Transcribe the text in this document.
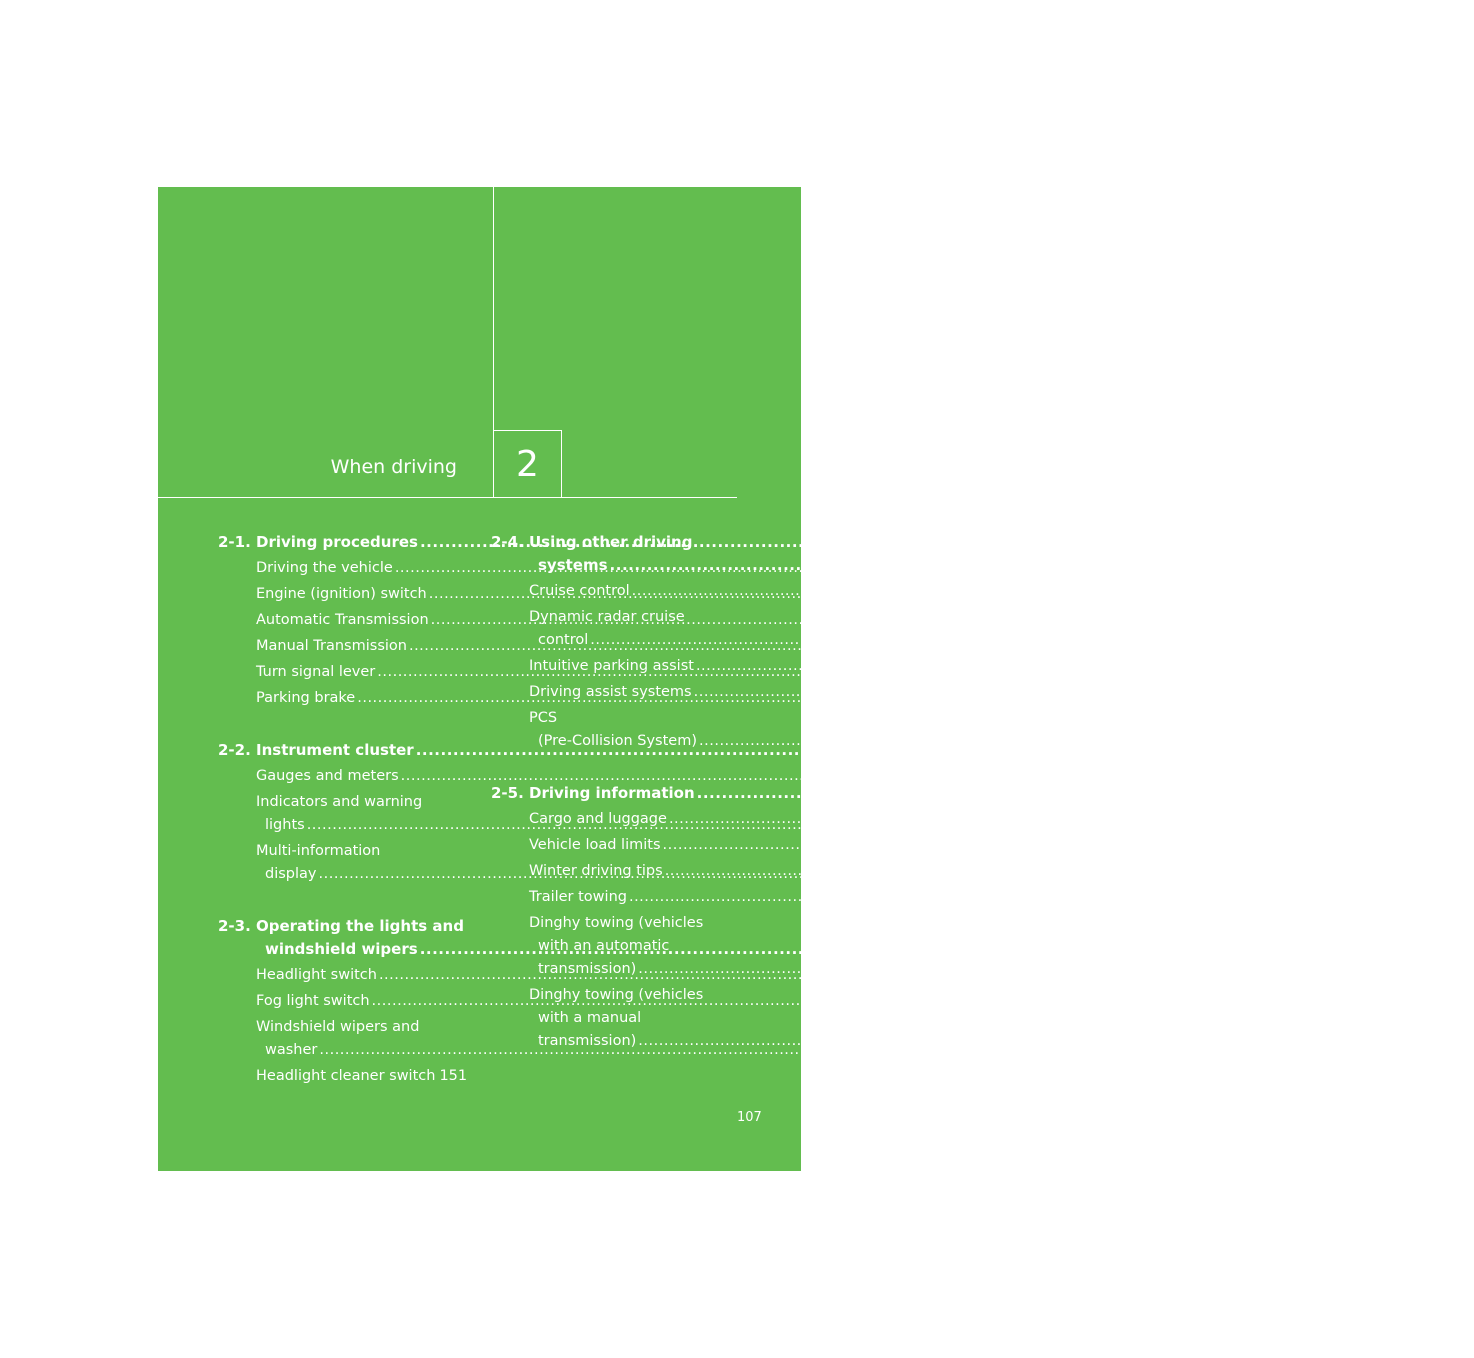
When driving	2
2-1. Driving procedures .....	108
Driving the vehicle .....	108
Engine (ignition) switch .....	117
Automatic Transmission .....	122
Manual Transmission .....	126
Turn signal lever .....	128
Parking brake .....	129
2-2. Instrument cluster .....	130
Gauges and meters .....	130
Indicators and warning
lights .....	136
Multi-information
display .....	139
2-3. Operating the lights and
windshield wipers .....	143
Headlight switch .....	143
Fog light switch .....	146
Windshield wipers and
washer .....	147
Headlight cleaner switch 151
2-4. Using other driving
systems .....	152
Cruise control .....	152
Dynamic radar cruise
control .....	155
Intuitive parking assist .....	164
Driving assist systems .....	170
PCS
(Pre-Collision System) .....	176
2-5. Driving information .....	179
Cargo and luggage .....	179
Vehicle load limits .....	182
Winter driving tips .....	183
Trailer towing .....	187
Dinghy towing (vehicles
with an automatic
transmission) .....	188
Dinghy towing (vehicles
with a manual
transmission) .....	189
107
